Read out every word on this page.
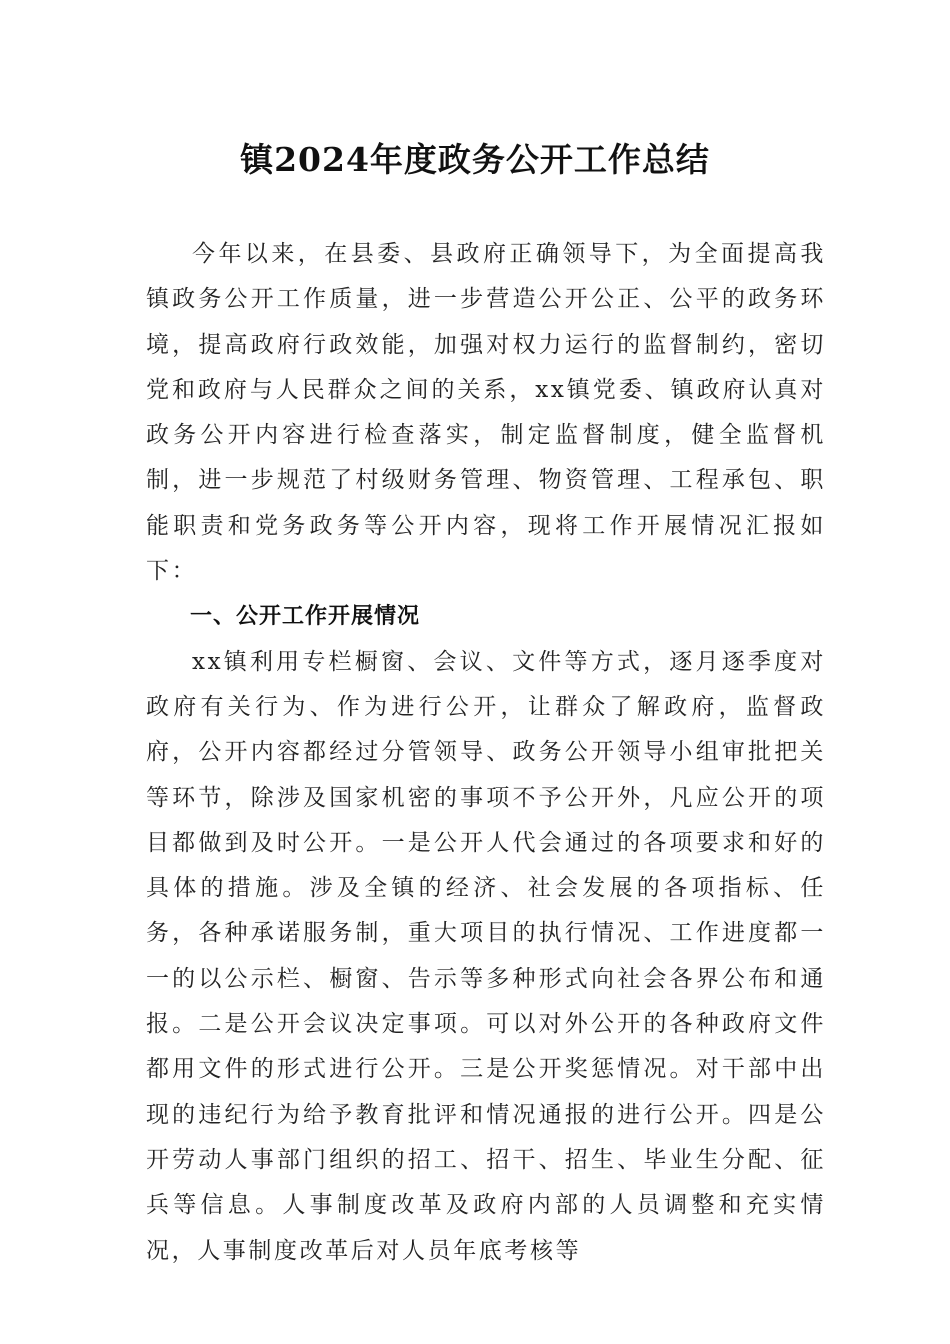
镇2024年度政务公开工作总结

今年以来，在县委、县政府正确领导下，为全面提高我镇政务公开工作质量，进一步营造公开公正、公平的政务环境，提高政府行政效能，加强对权力运行的监督制约，密切党和政府与人民群众之间的关系，xx镇党委、镇政府认真对政务公开内容进行检查落实，制定监督制度，健全监督机制，进一步规范了村级财务管理、物资管理、工程承包、职能职责和党务政务等公开内容，现将工作开展情况汇报如下：

一、公开工作开展情况

xx镇利用专栏橱窗、会议、文件等方式，逐月逐季度对政府有关行为、作为进行公开，让群众了解政府，监督政府，公开内容都经过分管领导、政务公开领导小组审批把关等环节，除涉及国家机密的事项不予公开外，凡应公开的项目都做到及时公开。一是公开人代会通过的各项要求和好的具体的措施。涉及全镇的经济、社会发展的各项指标、任务，各种承诺服务制，重大项目的执行情况、工作进度都一一的以公示栏、橱窗、告示等多种形式向社会各界公布和通报。二是公开会议决定事项。可以对外公开的各种政府文件都用文件的形式进行公开。三是公开奖惩情况。对干部中出现的违纪行为给予教育批评和情况通报的进行公开。四是公开劳动人事部门组织的招工、招干、招生、毕业生分配、征兵等信息。人事制度改革及政府内部的人员调整和充实情况，人事制度改革后对人员年底考核等
